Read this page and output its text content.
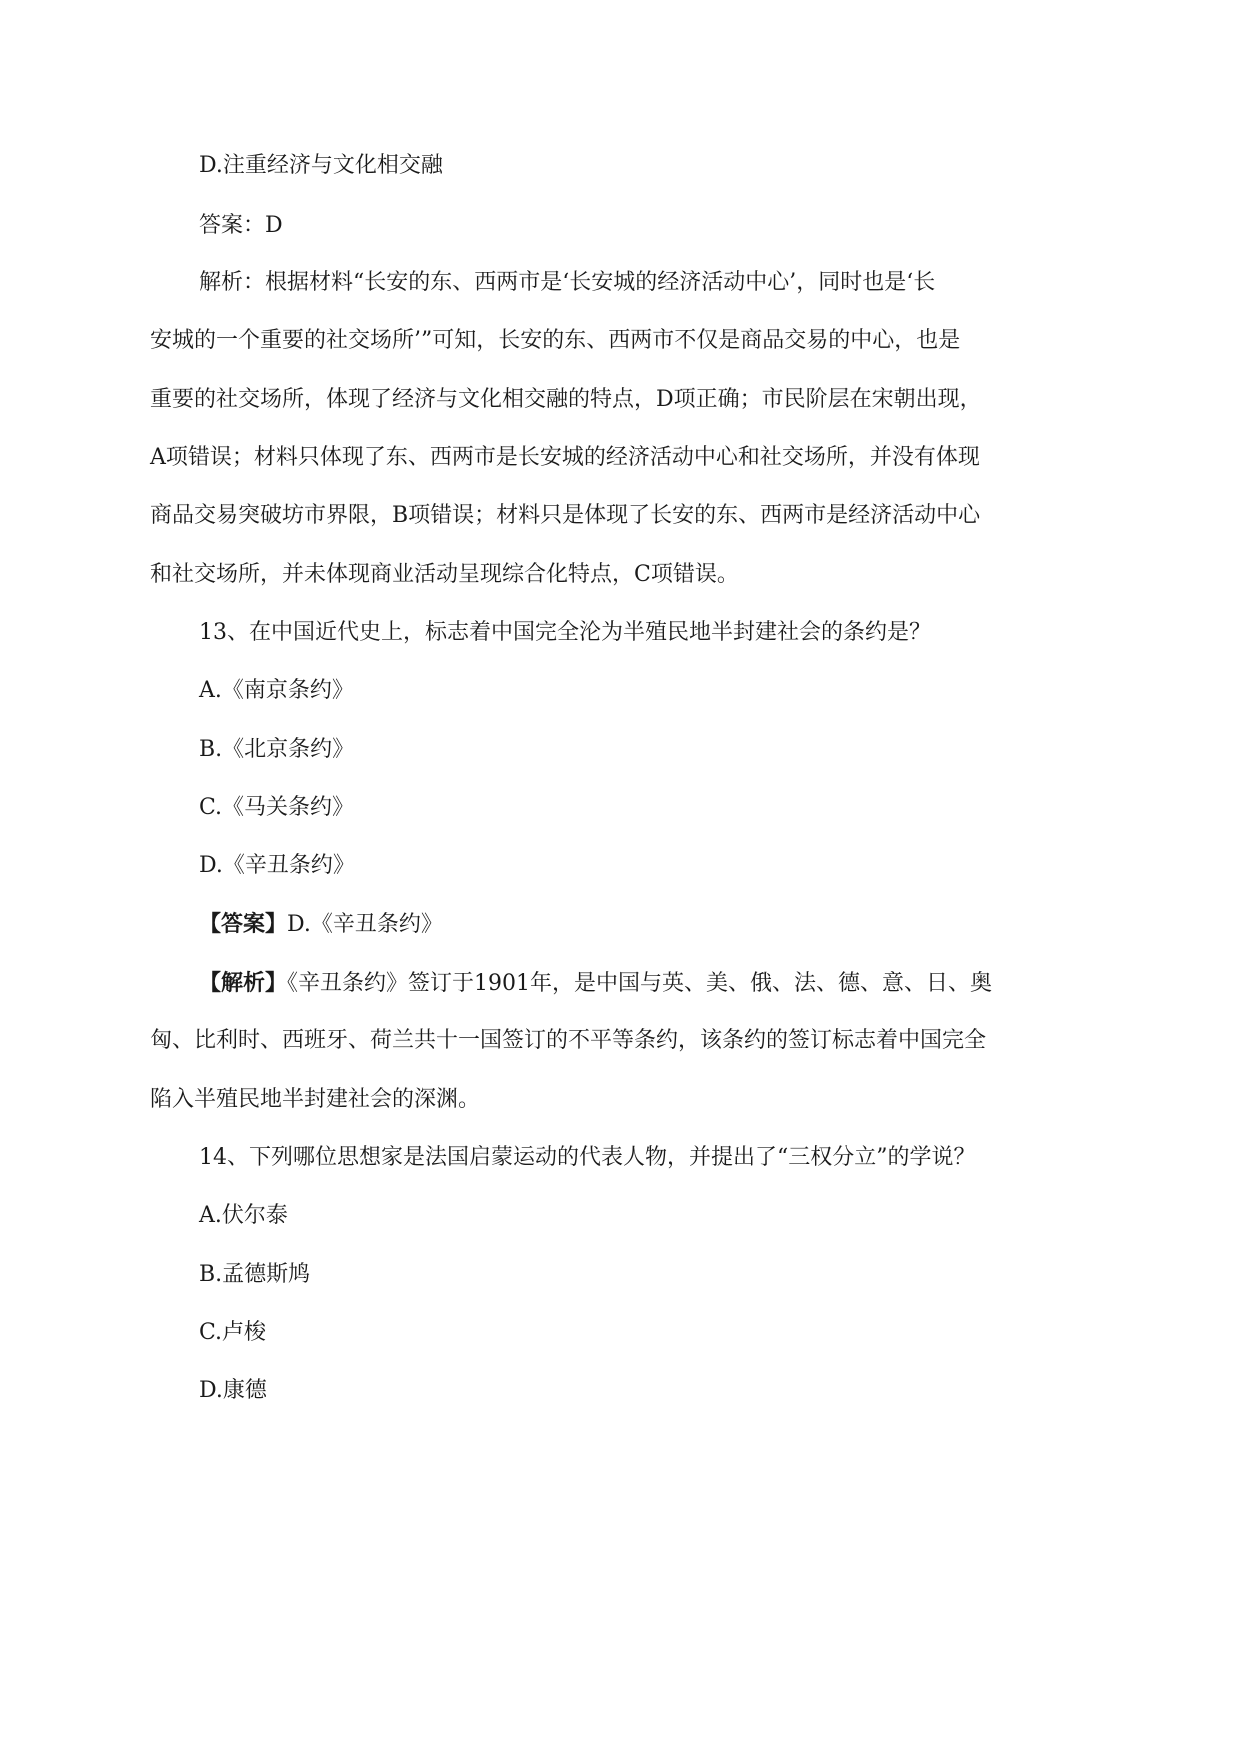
D.注重经济与文化相交融
答案：D
解析：根据材料“长安的东、西两市是‘长安城的经济活动中心’，同时也是‘长
安城的一个重要的社交场所’”可知，长安的东、西两市不仅是商品交易的中心，也是
重要的社交场所，体现了经济与文化相交融的特点，D项正确；市民阶层在宋朝出现，
A项错误；材料只体现了东、西两市是长安城的经济活动中心和社交场所，并没有体现
商品交易突破坊市界限，B项错误；材料只是体现了长安的东、西两市是经济活动中心
和社交场所，并未体现商业活动呈现综合化特点，C项错误。
13、在中国近代史上，标志着中国完全沦为半殖民地半封建社会的条约是？
A.《南京条约》
B.《北京条约》
C.《马关条约》
D.《辛丑条约》
【答案】D.《辛丑条约》
【解析】《辛丑条约》签订于1901年，是中国与英、美、俄、法、德、意、日、奥
匈、比利时、西班牙、荷兰共十一国签订的不平等条约，该条约的签订标志着中国完全
陷入半殖民地半封建社会的深渊。
14、下列哪位思想家是法国启蒙运动的代表人物，并提出了“三权分立”的学说？
A.伏尔泰
B.孟德斯鸠
C.卢梭
D.康德
